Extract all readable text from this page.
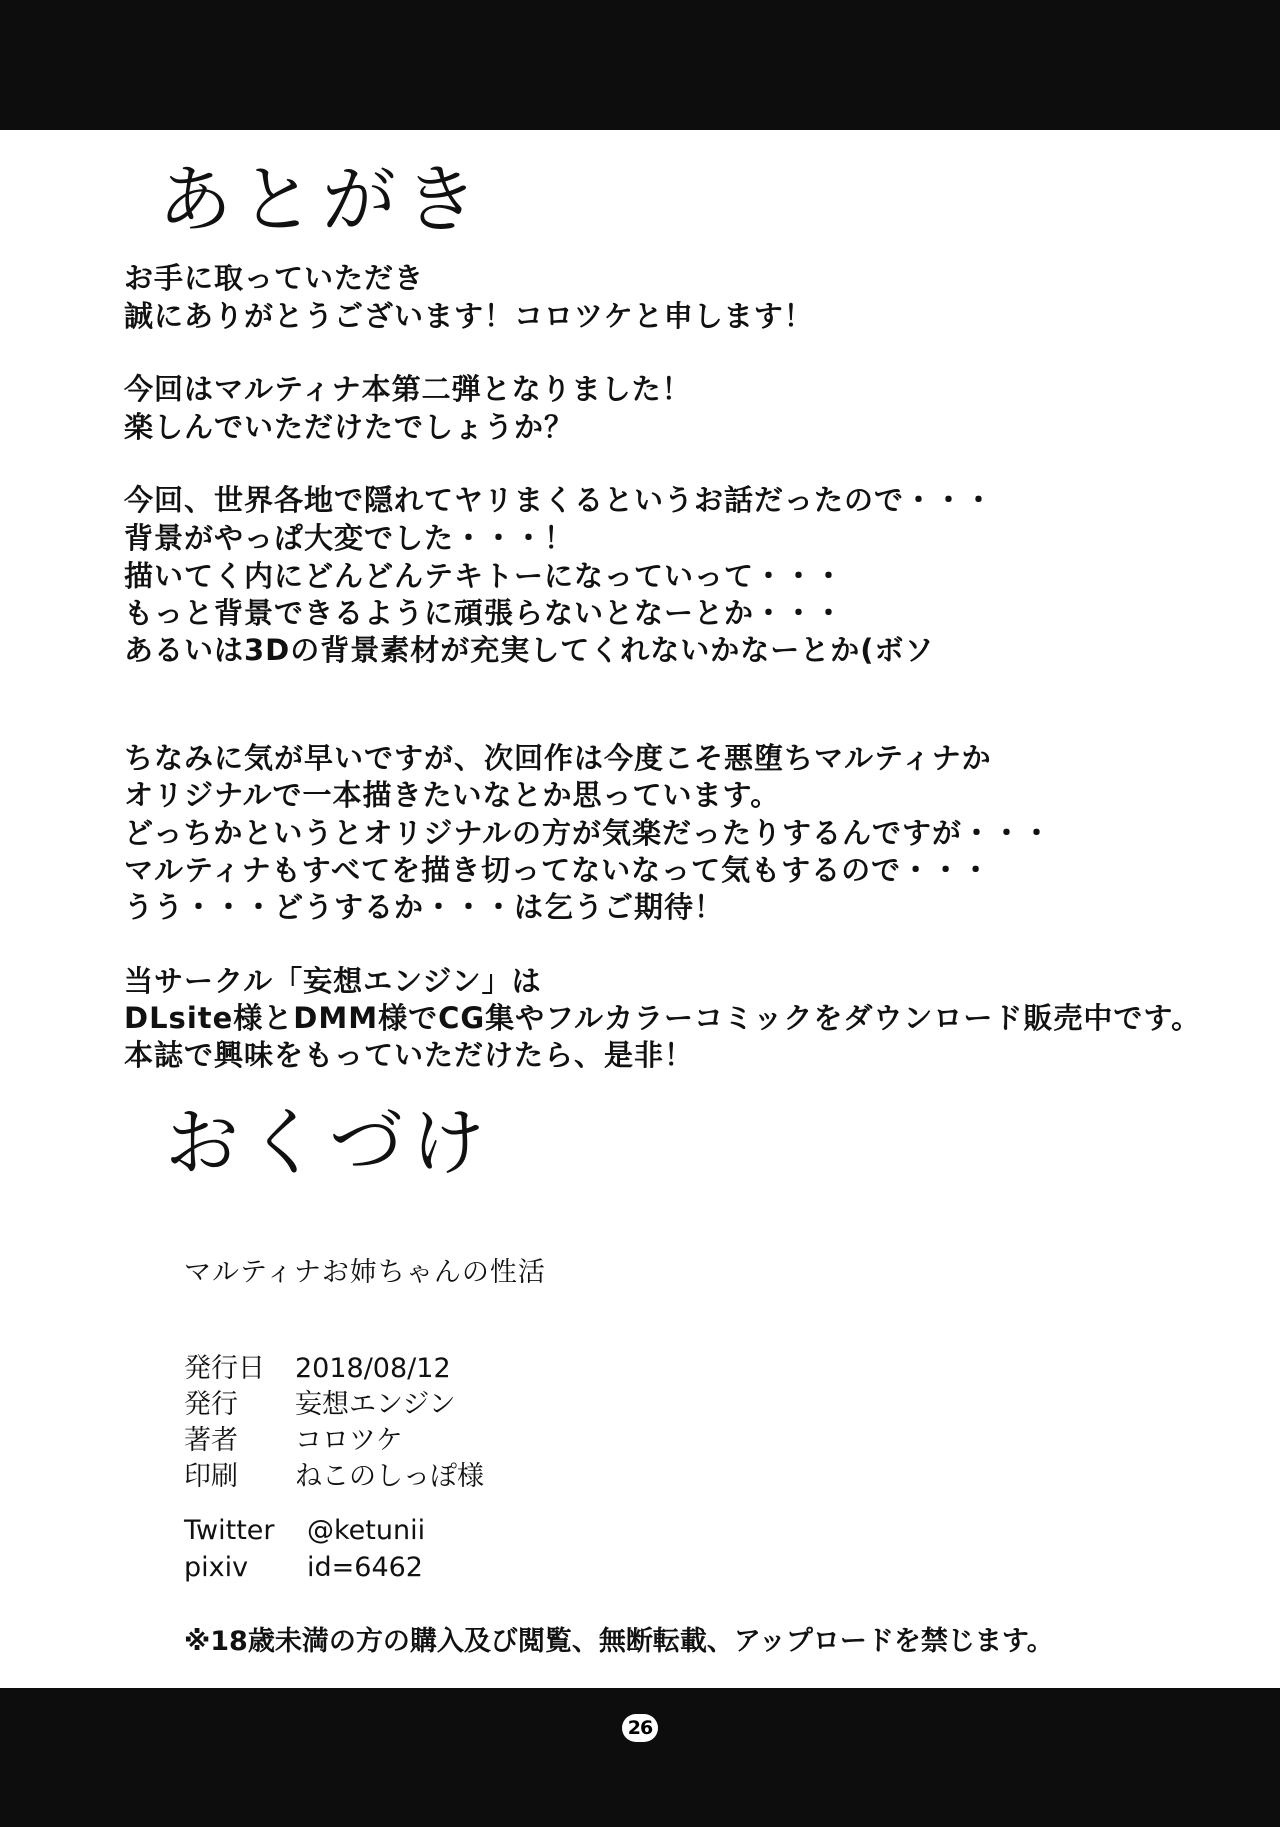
あとがき
お手に取っていただき
誠にありがとうございます！コロツケと申します！
今回はマルティナ本第二弾となりました！
楽しんでいただけたでしょうか？
今回、世界各地で隠れてヤリまくるというお話だったので・・・
背景がやっぱ大変でした・・・！
描いてく内にどんどんテキトーになっていって・・・
もっと背景できるように頑張らないとなーとか・・・
あるいは3Dの背景素材が充実してくれないかなーとか(ボソ
ちなみに気が早いですが、次回作は今度こそ悪堕ちマルティナか
オリジナルで一本描きたいなとか思っています。
どっちかというとオリジナルの方が気楽だったりするんですが・・・
マルティナもすべてを描き切ってないなって気もするので・・・
うう・・・どうするか・・・は乞うご期待！
当サークル「妄想エンジン」は
DLsite様とDMM様でCG集やフルカラーコミックをダウンロード販売中です。
本誌で興味をもっていただけたら、是非！
おくづけ
マルティナお姉ちゃんの性活
発行日 2018/08/12
発行 妄想エンジン
著者 コロツケ
印刷 ねこのしっぽ様
Twitter @ketunii
pixiv id=6462
※18歳未満の方の購入及び閲覧、無断転載、アップロードを禁じます。
26
